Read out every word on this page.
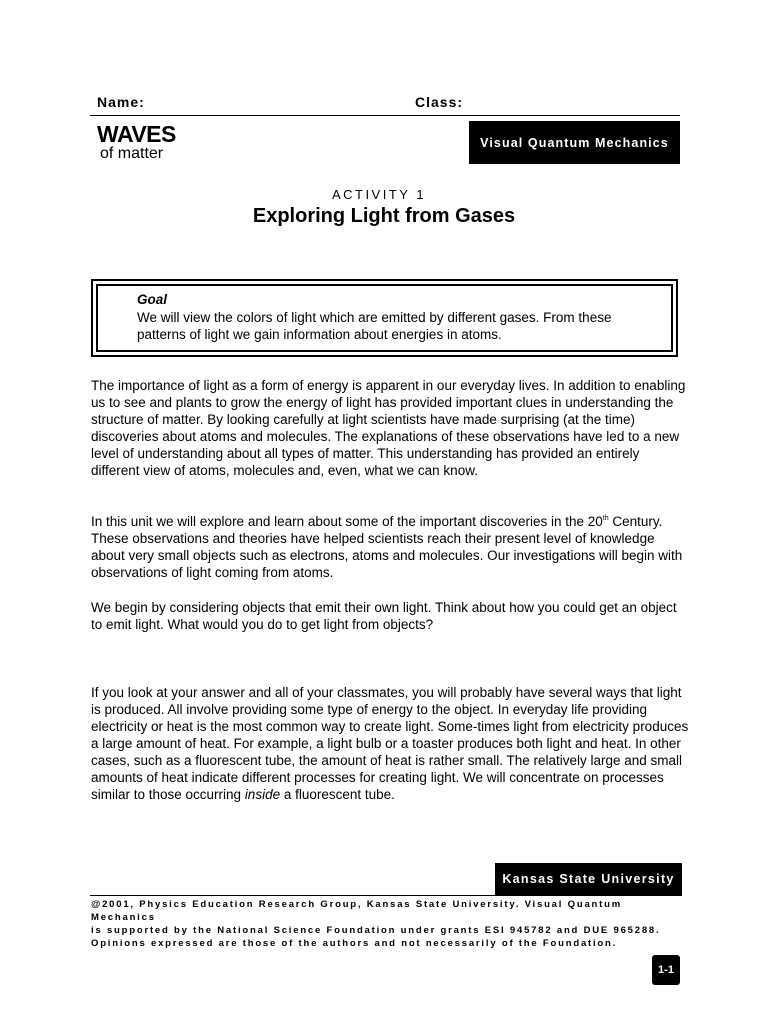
Name:	Class:
WAVES
of matter
Visual Quantum Mechanics
ACTIVITY 1
Exploring Light from Gases
Goal
We will view the colors of light which are emitted by different gases. From these patterns of light we gain information about energies in atoms.
The importance of light as a form of energy is apparent in our everyday lives. In addition to enabling us to see and plants to grow the energy of light has provided important clues in understanding the structure of matter. By looking carefully at light scientists have made surprising (at the time) discoveries about atoms and molecules. The explanations of these observations have led to a new level of understanding about all types of matter. This understanding has provided an entirely different view of atoms, molecules and, even, what we can know.
In this unit we will explore and learn about some of the important discoveries in the 20th Century. These observations and theories have helped scientists reach their present level of knowledge about very small objects such as electrons, atoms and molecules. Our investigations will begin with observations of light coming from atoms.
We begin by considering objects that emit their own light. Think about how you could get an object to emit light. What would you do to get light from objects?
If you look at your answer and all of your classmates, you will probably have several ways that light is produced. All involve providing some type of energy to the object. In everyday life providing electricity or heat is the most common way to create light. Some-times light from electricity produces a large amount of heat. For example, a light bulb or a toaster produces both light and heat. In other cases, such as a fluorescent tube, the amount of heat is rather small. The relatively large and small amounts of heat indicate different processes for creating light. We will concentrate on processes similar to those occurring inside a fluorescent tube.
Kansas State University
@2001, Physics Education Research Group, Kansas State University. Visual Quantum Mechanics
is supported by the National Science Foundation under grants ESI 945782 and DUE 965288.
Opinions expressed are those of the authors and not necessarily of the Foundation.
1-1
